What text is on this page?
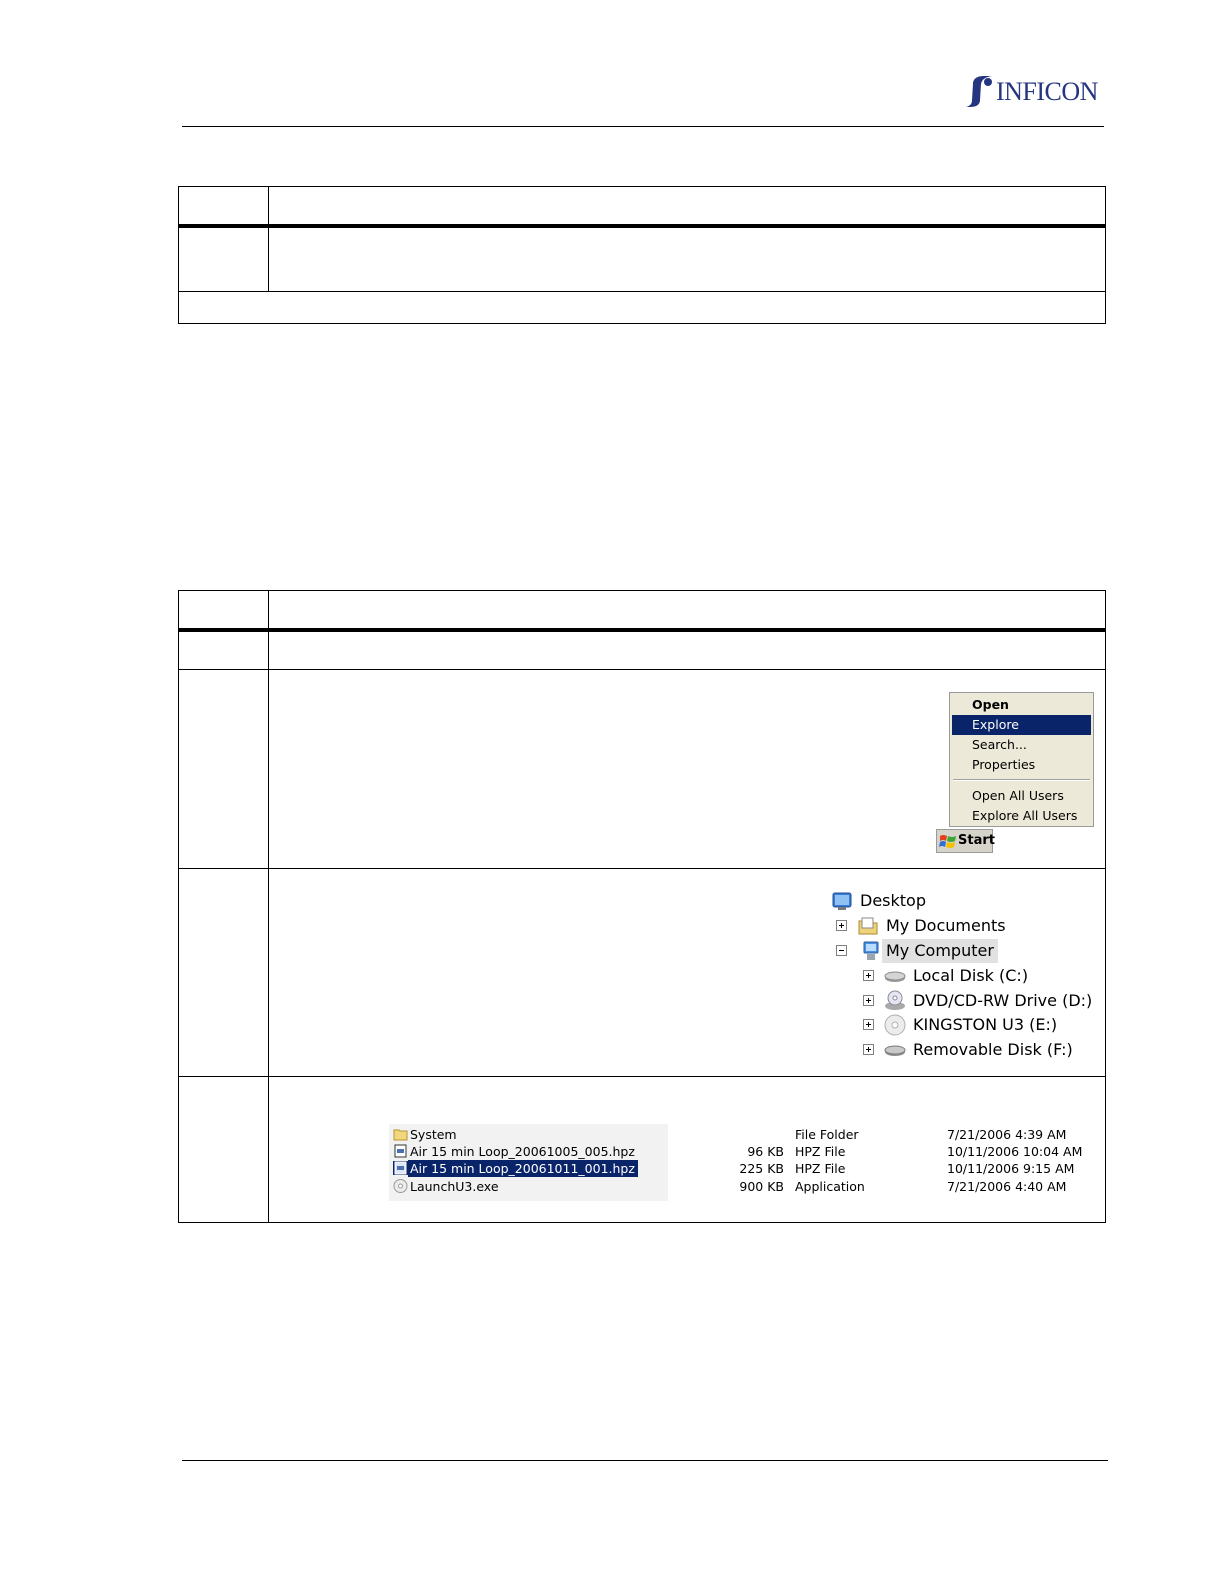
INFICON
Open
Explore
Search...
Properties
Open All Users
Explore All Users
Start
Desktop
My Documents
My Computer
Local Disk (C:)
DVD/CD-RW Drive (D:)
KINGSTON U3 (E:)
Removable Disk (F:)
System	File Folder	7/21/2006 4:39 AM
Air 15 min Loop_20061005_005.hpz	96 KB HPZ File	10/11/2006 10:04 AM
Air 15 min Loop_20061011_001.hpz	225 KB HPZ File	10/11/2006 9:15 AM
LaunchU3.exe	900 KB Application	7/21/2006 4:40 AM
